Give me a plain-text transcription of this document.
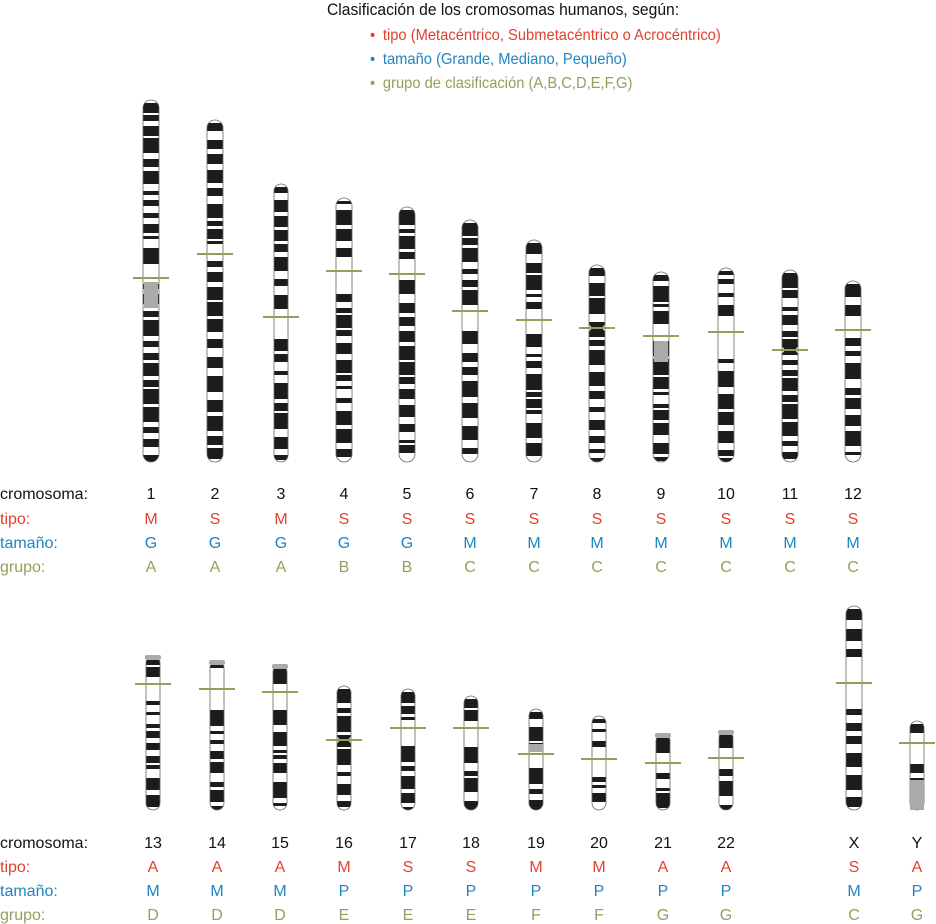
Clasificación de los cromosomas humanos, según:
• tipo (Metacéntrico, Submetacéntrico o Acrocéntrico)
• tamaño (Grande, Mediano, Pequeño)
• grupo de clasificación (A,B,C,D,E,F,G)
cromosoma:
tipo:
tamaño:
grupo:
1
M
G
A
2
S
G
A
3
M
G
A
4
S
G
B
5
S
G
B
6
S
M
C
7
S
M
C
8
S
M
C
9
S
M
C
10
S
M
C
11
S
M
C
12
S
M
C
cromosoma:
tipo:
tamaño:
grupo:
13
A
M
D
14
A
M
D
15
A
M
D
16
M
P
E
17
S
P
E
18
S
P
E
19
M
P
F
20
M
P
F
21
A
P
G
22
A
P
G
X
S
M
C
Y
A
P
G
